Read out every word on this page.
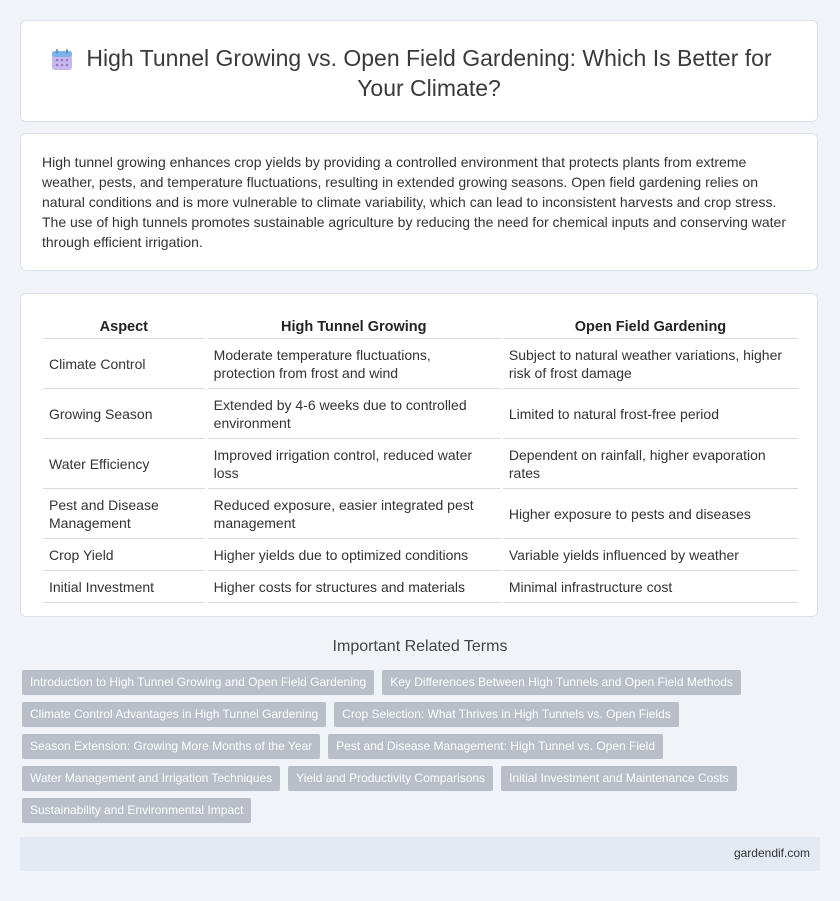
High Tunnel Growing vs. Open Field Gardening: Which Is Better for Your Climate?

High tunnel growing enhances crop yields by providing a controlled environment that protects plants from extreme weather, pests, and temperature fluctuations, resulting in extended growing seasons. Open field gardening relies on natural conditions and is more vulnerable to climate variability, which can lead to inconsistent harvests and crop stress. The use of high tunnels promotes sustainable agriculture by reducing the need for chemical inputs and conserving water through efficient irrigation.

Aspect	High Tunnel Growing	Open Field Gardening
Climate Control	Moderate temperature fluctuations, protection from frost and wind	Subject to natural weather variations, higher risk of frost damage
Growing Season	Extended by 4-6 weeks due to controlled environment	Limited to natural frost-free period
Water Efficiency	Improved irrigation control, reduced water loss	Dependent on rainfall, higher evaporation rates
Pest and Disease Management	Reduced exposure, easier integrated pest management	Higher exposure to pests and diseases
Crop Yield	Higher yields due to optimized conditions	Variable yields influenced by weather
Initial Investment	Higher costs for structures and materials	Minimal infrastructure cost
Important Related Terms
Introduction to High Tunnel Growing and Open Field Gardening	Key Differences Between High Tunnels and Open Field Methods
Climate Control Advantages in High Tunnel Gardening	Crop Selection: What Thrives in High Tunnels vs. Open Fields
Season Extension: Growing More Months of the Year	Pest and Disease Management: High Tunnel vs. Open Field
Water Management and Irrigation Techniques	Yield and Productivity Comparisons	Initial Investment and Maintenance Costs
Sustainability and Environmental Impact
gardendif.com
